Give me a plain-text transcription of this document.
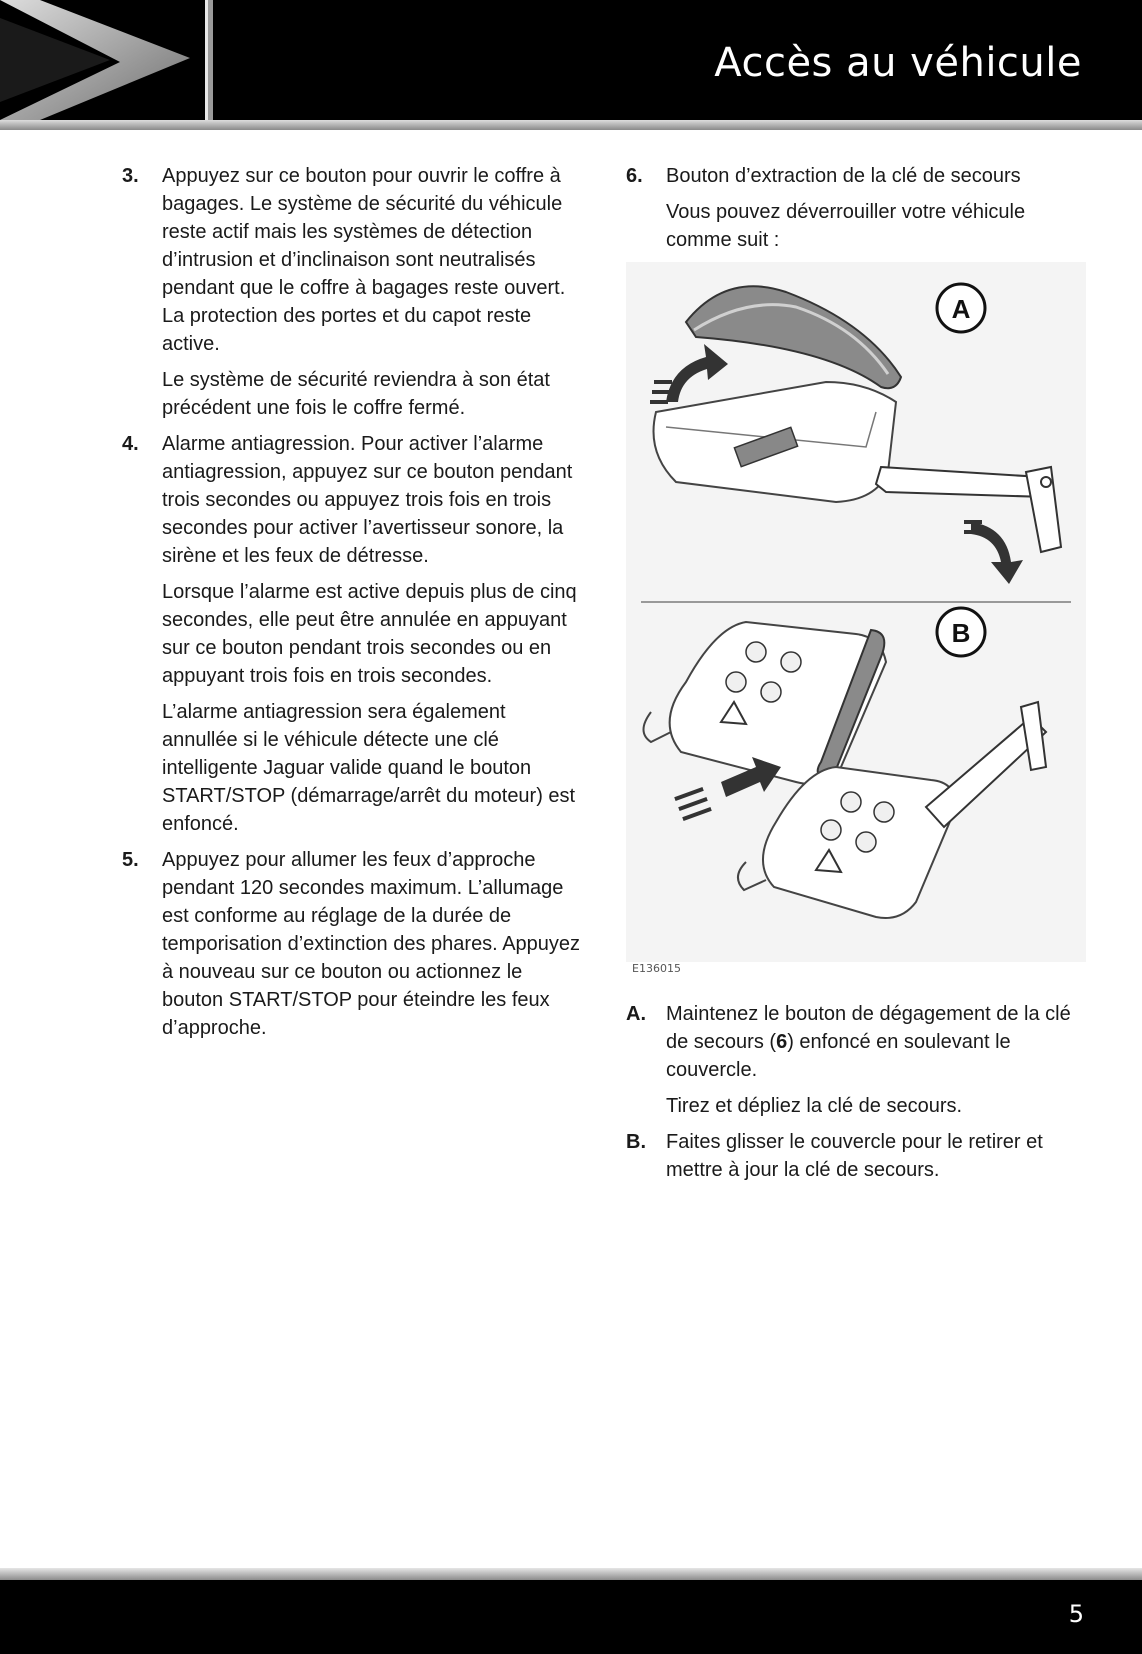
Accès au véhicule
3. Appuyez sur ce bouton pour ouvrir le coffre à bagages. Le système de sécurité du véhicule reste actif mais les systèmes de détection d’intrusion et d’inclinaison sont neutralisés pendant que le coffre à bagages reste ouvert. La protection des portes et du capot reste active.

Le système de sécurité reviendra à son état précédent une fois le coffre fermé.

4. Alarme antiagression. Pour activer l’alarme antiagression, appuyez sur ce bouton pendant trois secondes ou appuyez trois fois en trois secondes pour activer l’avertisseur sonore, la sirène et les feux de détresse.

Lorsque l’alarme est active depuis plus de cinq secondes, elle peut être annulée en appuyant sur ce bouton pendant trois secondes ou en appuyant trois fois en trois secondes.

L’alarme antiagression sera également annullée si le véhicule détecte une clé intelligente Jaguar valide quand le bouton START/STOP (démarrage/arrêt du moteur) est enfoncé.

5. Appuyez pour allumer les feux d’approche pendant 120 secondes maximum. L’allumage est conforme au réglage de la durée de temporisation d’extinction des phares. Appuyez à nouveau sur ce bouton ou actionnez le bouton START/STOP pour éteindre les feux d’approche.

6. Bouton d’extraction de la clé de secours

Vous pouvez déverrouiller votre véhicule comme suit :

A
B
E136015
A. Maintenez le bouton de dégagement de la clé de secours (6) enfoncé en soulevant le couvercle.

Tirez et dépliez la clé de secours.

B. Faites glisser le couvercle pour le retirer et mettre à jour la clé de secours.

5
